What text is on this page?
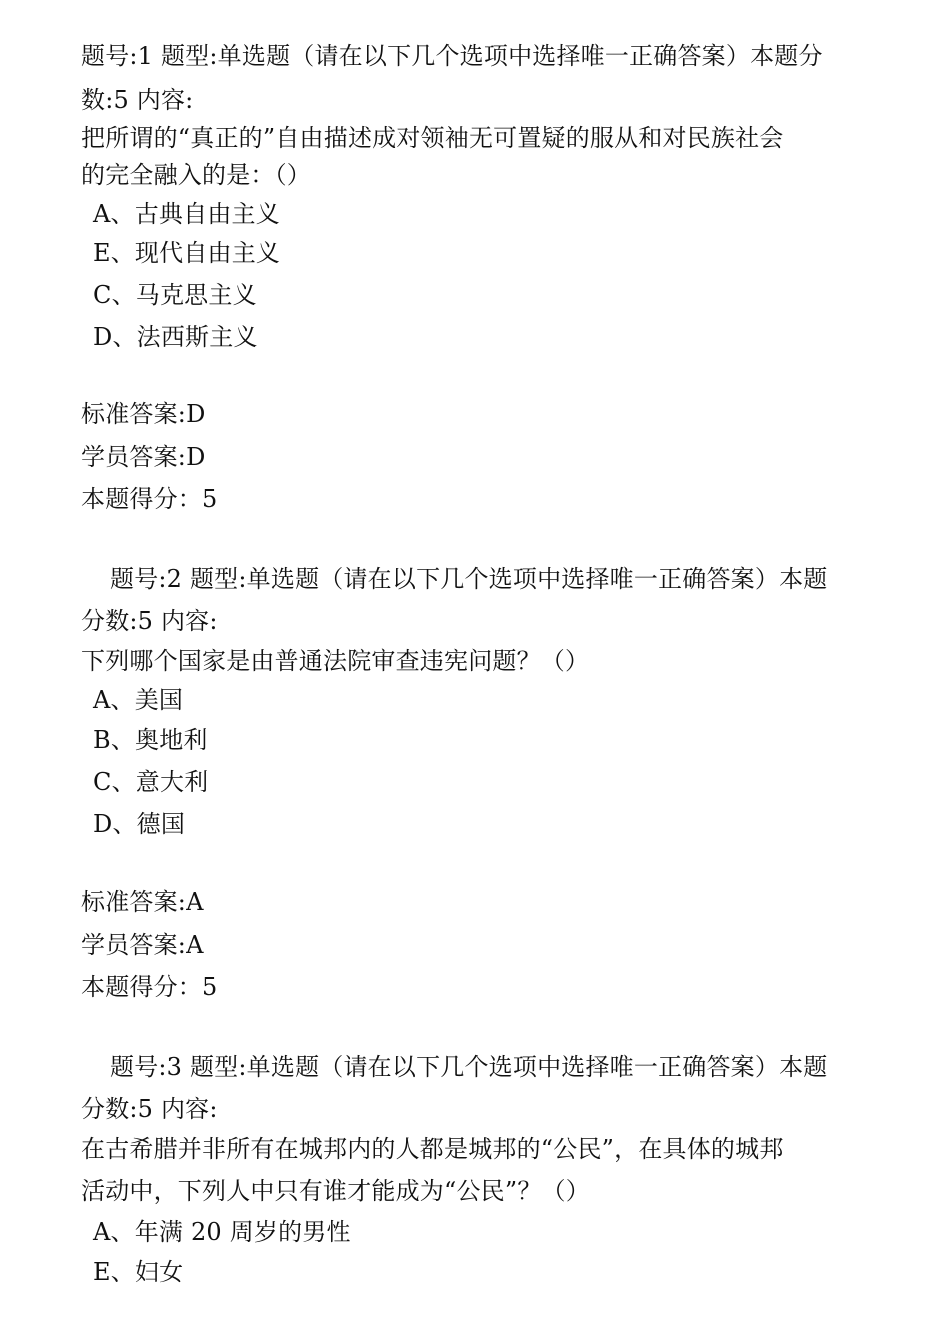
题号:1 题型:单选题（请在以下几个选项中选择唯一正确答案）本题分
数:5 内容:
把所谓的“真正的”自由描述成对领袖无可置疑的服从和对民族社会
的完全融入的是：（）
A、古典自由主义
E、现代自由主义
C、马克思主义
D、法西斯主义
标准答案:D
学员答案:D
本题得分：5
题号:2 题型:单选题（请在以下几个选项中选择唯一正确答案）本题
分数:5 内容:
下列哪个国家是由普通法院审查违宪问题？（）
A、美国
B、奥地利
C、意大利
D、德国
标准答案:A
学员答案:A
本题得分：5
题号:3 题型:单选题（请在以下几个选项中选择唯一正确答案）本题
分数:5 内容:
在古希腊并非所有在城邦内的人都是城邦的“公民”，在具体的城邦
活动中，下列人中只有谁才能成为“公民”？（）
A、年满 20 周岁的男性
E、妇女
